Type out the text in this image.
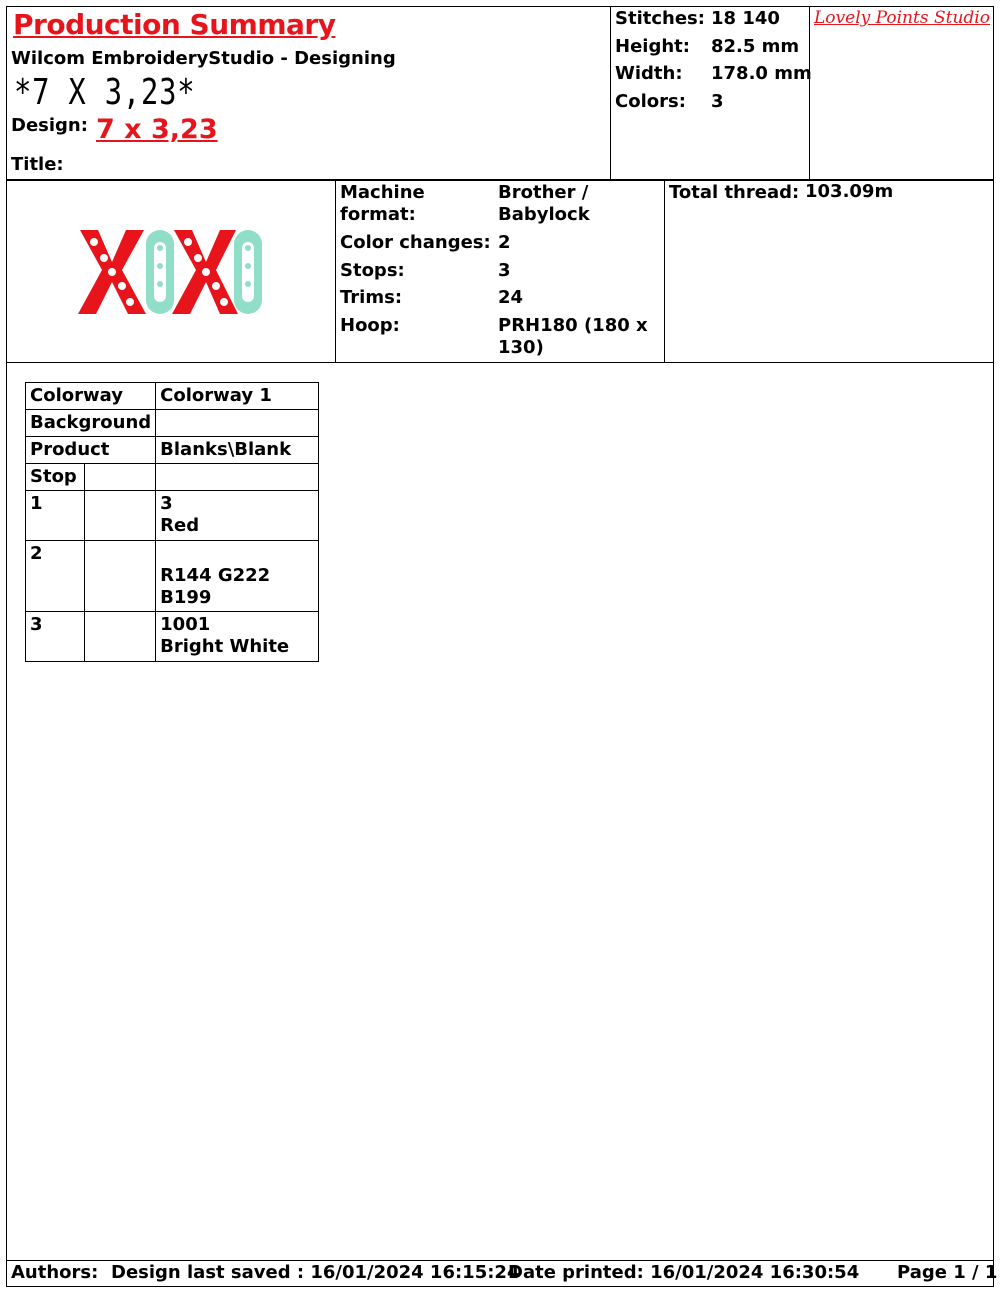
Production Summary
Wilcom EmbroideryStudio - Designing
*7 X 3,23*
Design: 7 x 3,23
Title:
Stitches: 18 140
Height: 82.5 mm
Width: 178.0 mm
Colors: 3
Lovely Points Studio
Machine
format:
Brother /
Babylock
Color changes: 2
Stops:	3
Trims:	24
Hoop:	PRH180 (180 x
130)
Total thread: 103.09m
Colorway		Colorway 1
Background		
Product		Blanks\Blank
Stop		
1		3
Red

2		R144 G222 B199

3		1001
Bright White
Authors: Design last saved : 16/01/2024 16:15:24
Date printed: 16/01/2024 16:30:54 Page 1 / 1
